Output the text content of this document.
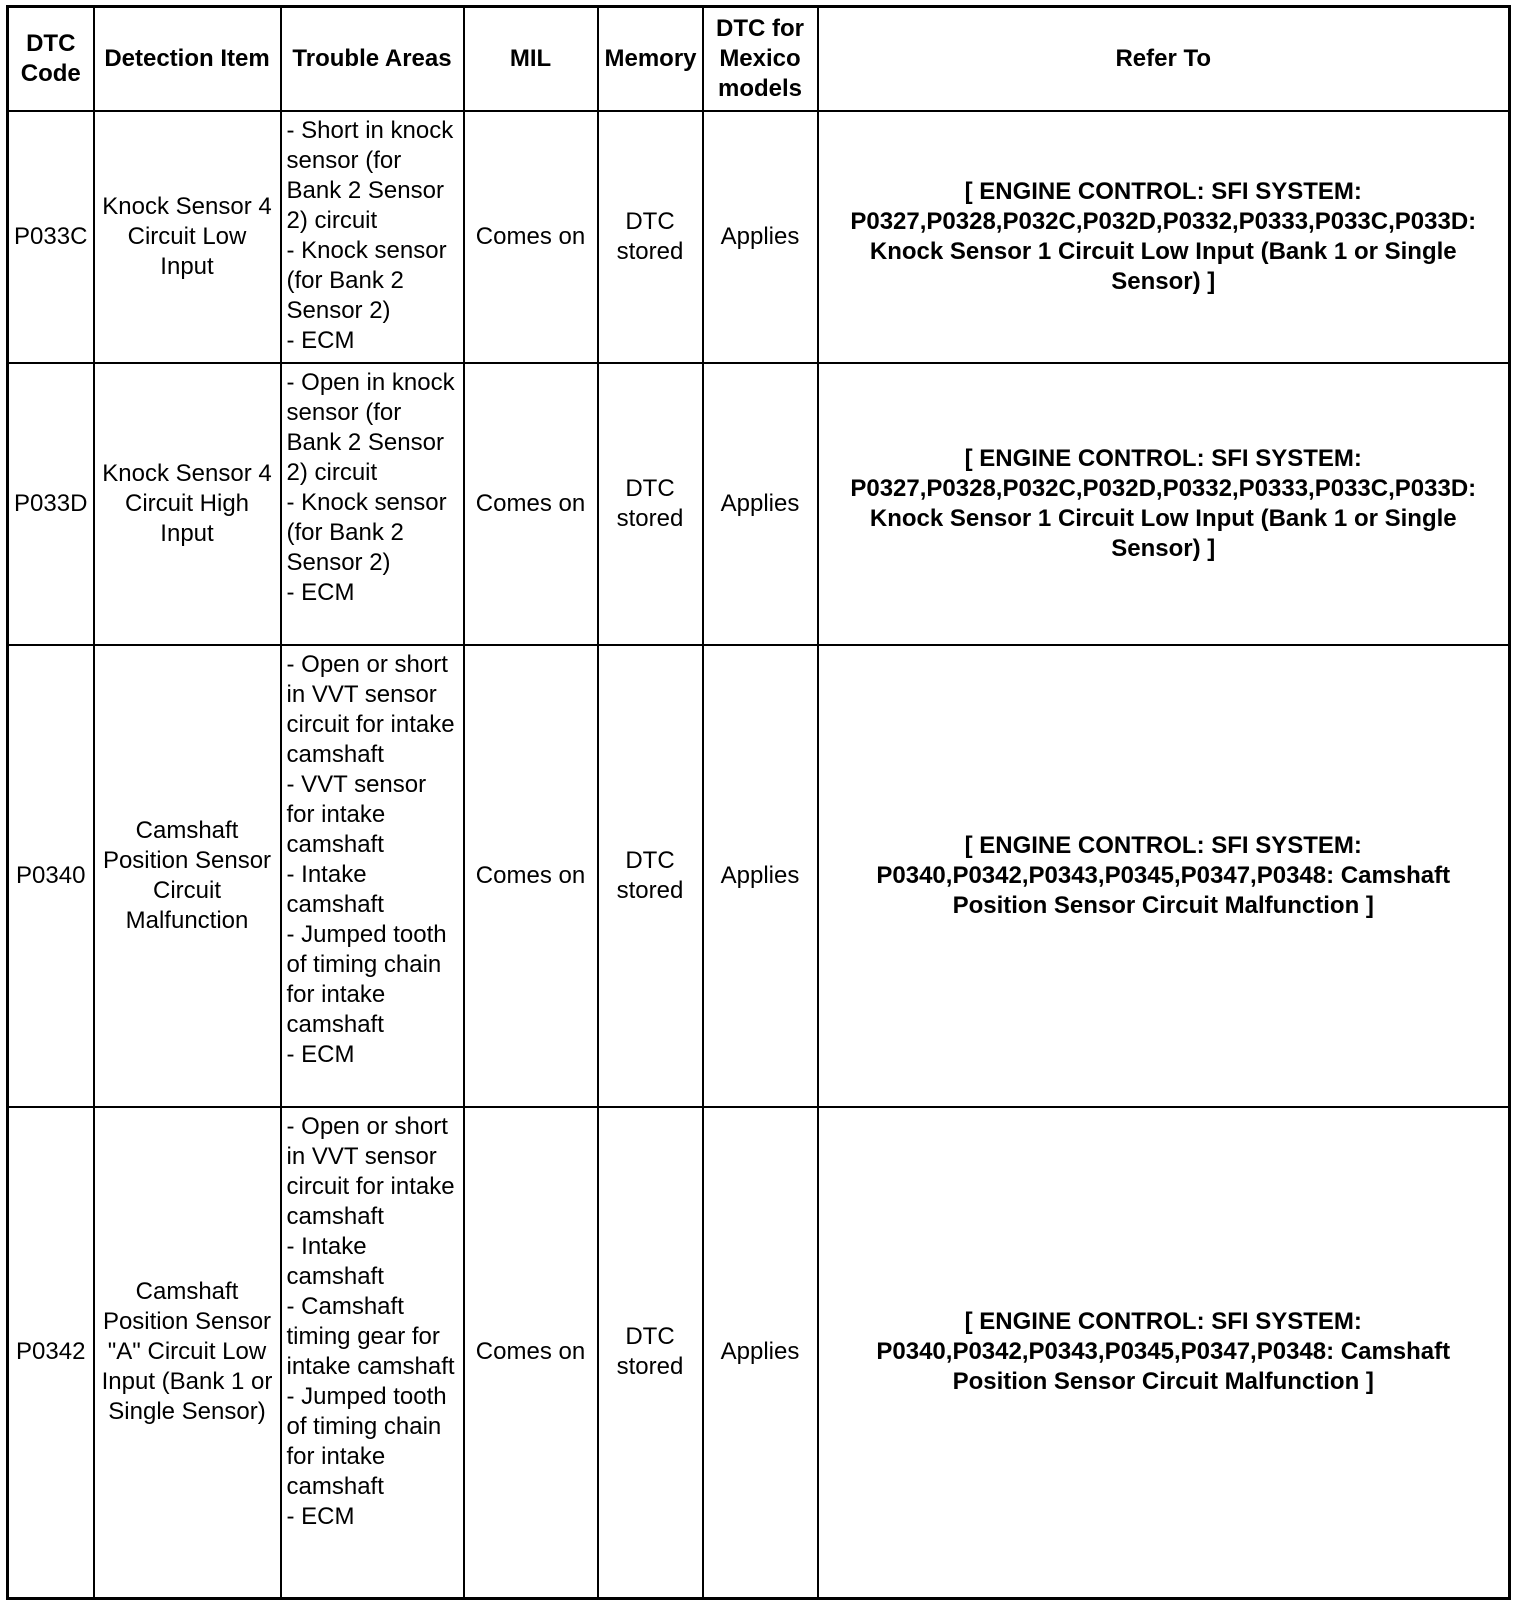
DTC Code	Detection Item	Trouble Areas	MIL	Memory	DTC for Mexico models	Refer To
P033C	Knock Sensor 4 Circuit Low Input	- Short in knock sensor (for Bank 2 Sensor 2) circuit
- Knock sensor (for Bank 2 Sensor 2)
- ECM	Comes on	DTC stored	Applies	[ ENGINE CONTROL: SFI SYSTEM: P0327,P0328,P032C,P032D,P0332,P0333,P033C,P033D: Knock Sensor 1 Circuit Low Input (Bank 1 or Single Sensor) ]
P033D	Knock Sensor 4 Circuit High Input	- Open in knock sensor (for Bank 2 Sensor 2) circuit
- Knock sensor (for Bank 2 Sensor 2)
- ECM	Comes on	DTC stored	Applies	[ ENGINE CONTROL: SFI SYSTEM: P0327,P0328,P032C,P032D,P0332,P0333,P033C,P033D: Knock Sensor 1 Circuit Low Input (Bank 1 or Single Sensor) ]
P0340	Camshaft Position Sensor Circuit Malfunction	- Open or short in VVT sensor circuit for intake camshaft
- VVT sensor for intake camshaft
- Intake camshaft
- Jumped tooth of timing chain for intake camshaft
- ECM	Comes on	DTC stored	Applies	[ ENGINE CONTROL: SFI SYSTEM: P0340,P0342,P0343,P0345,P0347,P0348: Camshaft Position Sensor Circuit Malfunction ]
P0342	Camshaft Position Sensor "A" Circuit Low Input (Bank 1 or Single Sensor)	- Open or short in VVT sensor circuit for intake camshaft
- Intake camshaft
- Camshaft timing gear for intake camshaft
- Jumped tooth of timing chain for intake camshaft
- ECM	Comes on	DTC stored	Applies	[ ENGINE CONTROL: SFI SYSTEM: P0340,P0342,P0343,P0345,P0347,P0348: Camshaft Position Sensor Circuit Malfunction ]
